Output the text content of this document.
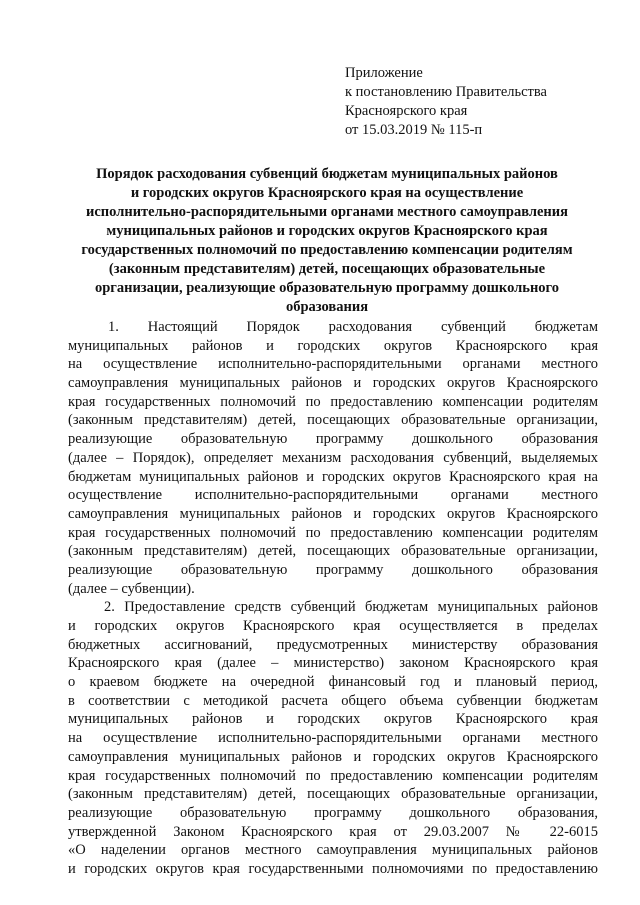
Приложение
к постановлению Правительства
Красноярского края
от 15.03.2019 № 115-п
Порядок расходования субвенций бюджетам муниципальных районов
и городских округов Красноярского края на осуществление
исполнительно-распорядительными органами местного самоуправления
муниципальных районов и городских округов Красноярского края
государственных полномочий по предоставлению компенсации родителям
(законным представителям) детей, посещающих образовательные
организации, реализующие образовательную программу дошкольного
образования
1. Настоящий Порядок расходования субвенций бюджетам
муниципальных районов и городских округов Красноярского края
на осуществление исполнительно-распорядительными органами местного
самоуправления муниципальных районов и городских округов Красноярского
края государственных полномочий по предоставлению компенсации родителям
(законным представителям) детей, посещающих образовательные организации,
реализующие образовательную программу дошкольного образования
(далее – Порядок), определяет механизм расходования субвенций, выделяемых
бюджетам муниципальных районов и городских округов Красноярского края на
осуществление исполнительно-распорядительными органами местного
самоуправления муниципальных районов и городских округов Красноярского
края государственных полномочий по предоставлению компенсации родителям
(законным представителям) детей, посещающих образовательные организации,
реализующие образовательную программу дошкольного образования
(далее – субвенции).
2. Предоставление средств субвенций бюджетам муниципальных районов
и городских округов Красноярского края осуществляется в пределах
бюджетных ассигнований, предусмотренных министерству образования
Красноярского края (далее – министерство) законом Красноярского края
о краевом бюджете на очередной финансовый год и плановый период,
в соответствии с методикой расчета общего объема субвенции бюджетам
муниципальных районов и городских округов Красноярского края
на осуществление исполнительно-распорядительными органами местного
самоуправления муниципальных районов и городских округов Красноярского
края государственных полномочий по предоставлению компенсации родителям
(законным представителям) детей, посещающих образовательные организации,
реализующие образовательную программу дошкольного образования,
утвержденной Законом Красноярского края от 29.03.2007 № 22-6015
«О наделении органов местного самоуправления муниципальных районов
и городских округов края государственными полномочиями по предоставлению
